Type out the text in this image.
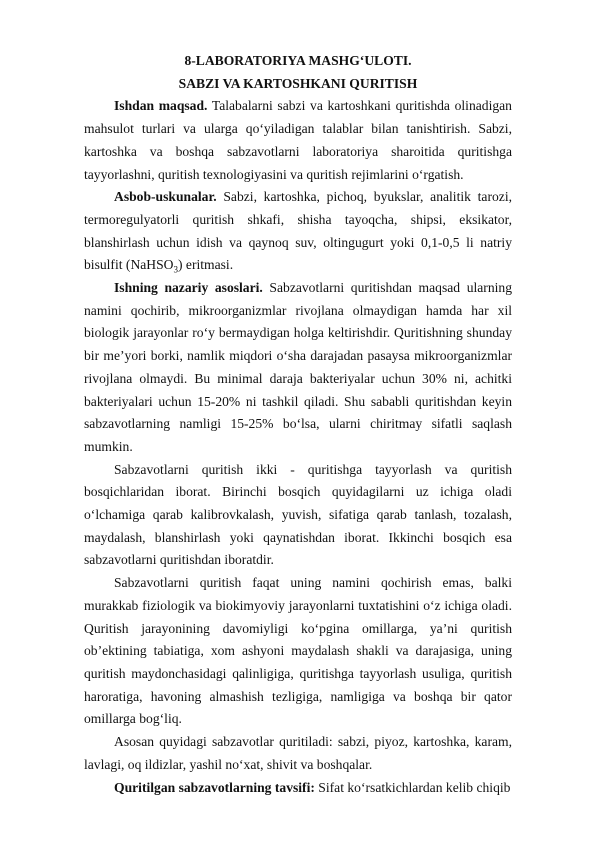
8-LABORATORIYA MASHG‘ULOTI.
SABZI VA KARTOSHKANI QURITISH

Ishdan maqsad. Talabalarni sabzi va kartoshkani quritishda olinadigan mahsulot turlari va ularga qo‘yiladigan talablar bilan tanishtirish. Sabzi, kartoshka va boshqa sabzavotlarni laboratoriya sharoitida quritishga tayyorlashni, quritish texnologiyasini va quritish rejimlarini o‘rgatish.

Asbob-uskunalar. Sabzi, kartoshka, pichoq, byukslar, analitik tarozi, termoregulyatorli quritish shkafi, shisha tayoqcha, shipsi, eksikator, blanshirlash uchun idish va qaynoq suv, oltingugurt yoki 0,1-0,5 li natriy bisulfit (NaHSO$_3$) eritmasi.

Ishning nazariy asoslari. Sabzavotlarni quritishdan maqsad ularning namini qochirib, mikroorganizmlar rivojlana olmaydigan hamda har xil biologik jarayonlar ro‘y bermaydigan holga keltirishdir. Quritishning shunday bir me’yori borki, namlik miqdori o‘sha darajadan pasaysa mikroorganizmlar rivojlana olmaydi. Bu minimal daraja bakteriyalar uchun 30% ni, achitki bakteriyalari uchun 15-20% ni tashkil qiladi. Shu sababli quritishdan keyin sabzavotlarning namligi 15-25% bo‘lsa, ularni chiritmay sifatli saqlash mumkin.

Sabzavotlarni quritish ikki - quritishga tayyorlash va quritish bosqichlaridan iborat. Birinchi bosqich quyidagilarni uz ichiga oladi o‘lchamiga qarab kalibrovkalash, yuvish, sifatiga qarab tanlash, tozalash, maydalash, blanshirlash yoki qaynatishdan iborat. Ikkinchi bosqich esa sabzavotlarni quritishdan iboratdir.

Sabzavotlarni quritish faqat uning namini qochirish emas, balki murakkab fiziologik va biokimyoviy jarayonlarni tuxtatishini o‘z ichiga oladi. Quritish jarayonining davomiyligi ko‘pgina omillarga, ya’ni quritish ob’ektining tabiatiga, xom ashyoni maydalash shakli va darajasiga, uning quritish maydonchasidagi qalinligiga, quritishga tayyorlash usuliga, quritish haroratiga, havoning almashish tezligiga, namligiga va boshqa bir qator omillarga bog‘liq.

Asosan quyidagi sabzavotlar quritiladi: sabzi, piyoz, kartoshka, karam, lavlagi, oq ildizlar, yashil no‘xat, shivit va boshqalar.

Quritilgan sabzavotlarning tavsifi: Sifat ko‘rsatkichlardan kelib chiqib
